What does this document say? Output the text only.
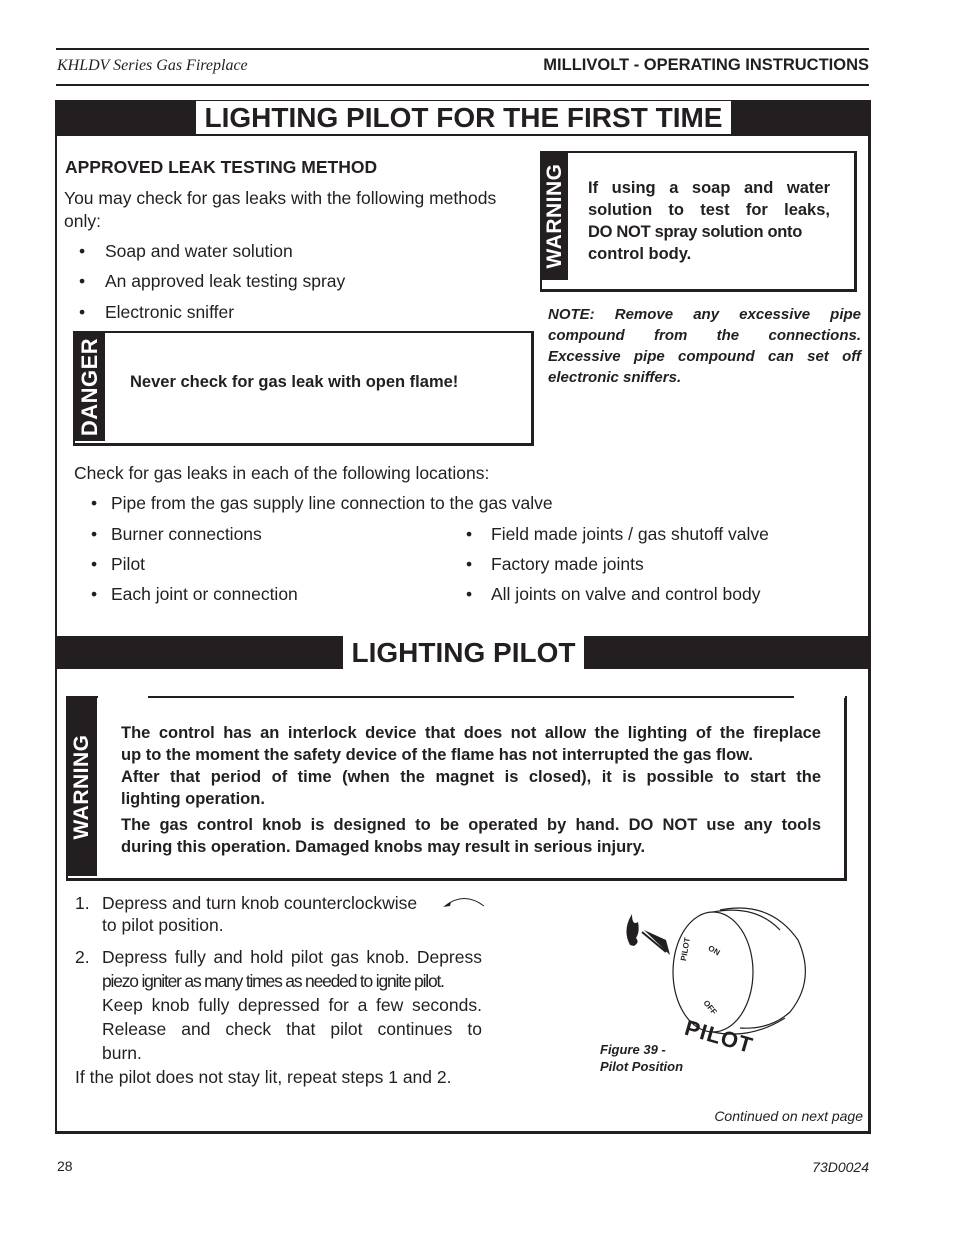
KHLDV Series Gas Fireplace	MILLIVOLT - OPERATING INSTRUCTIONS
LIGHTING PILOT FOR THE FIRST TIME
APPROVED LEAK TESTING METHOD
You may check for gas leaks with the following methods
only:
• Soap and water solution
• An approved leak testing spray
• Electronic sniffer
WARNING If using a soap and water
solution to test for leaks,
DO NOT spray solution onto
control body.
NOTE: Remove any excessive pipe
compound from the connections.
Excessive pipe compound can set off
electronic sniffers.
DANGER Never check for gas leak with open flame!
Check for gas leaks in each of the following locations:
• Pipe from the gas supply line connection to the gas valve
• Burner connections
• Pilot
• Each joint or connection
• Field made joints / gas shutoff valve
• Factory made joints
• All joints on valve and control body
LIGHTING PILOT
WARNING
The control has an interlock device that does not allow the lighting of the fireplace
up to the moment the safety device of the flame has not interrupted the gas flow.
After that period of time (when the magnet is closed), it is possible to start the
lighting operation.
The gas control knob is designed to be operated by hand. DO NOT use any tools
during this operation. Damaged knobs may result in serious injury.
1. Depress and turn knob counterclockwise
to pilot position.
2. Depress fully and hold pilot gas knob. Depress
piezo igniter as many times as needed to ignite pilot.
Keep knob fully depressed for a few seconds.
Release and check that pilot continues to
burn.
If the pilot does not stay lit, repeat steps 1 and 2.
ON
PILOT
OFF
PILOT
Figure 39 -
Pilot Position
Continued on next page
28	73D0024
